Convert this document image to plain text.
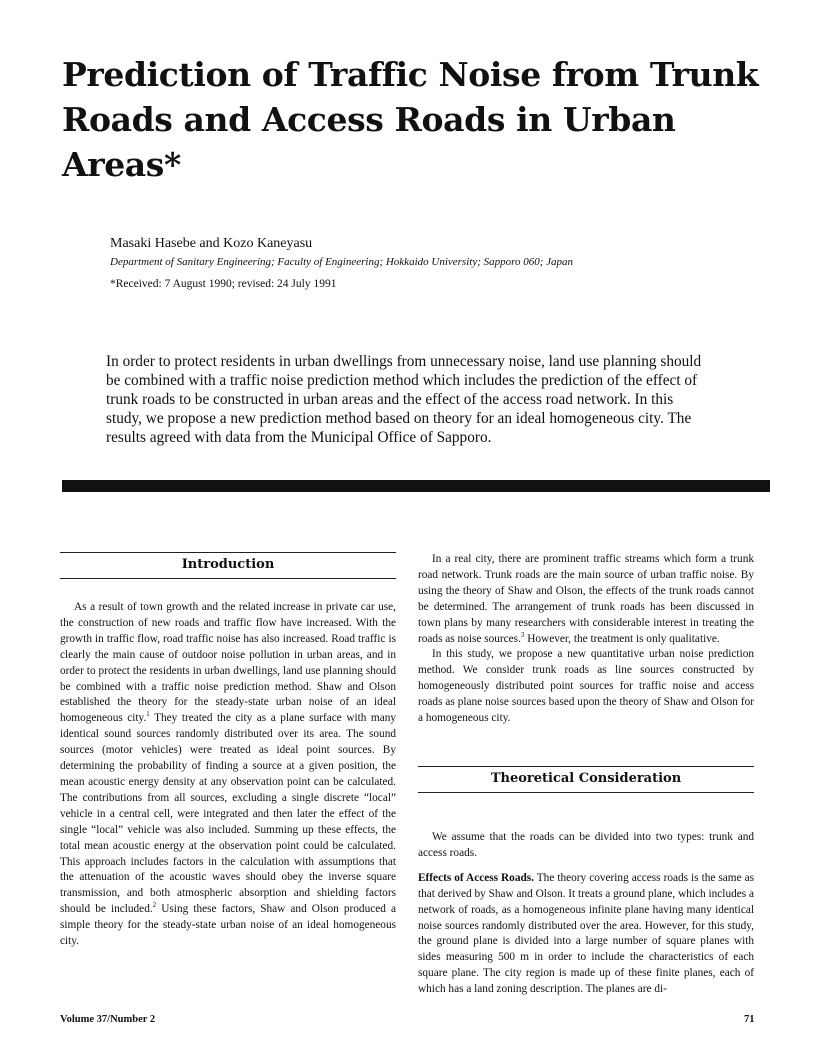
Prediction of Traffic Noise from Trunk Roads and Access Roads in Urban Areas*

Masaki Hasebe and Kozo Kaneyasu

Department of Sanitary Engineering; Faculty of Engineering; Hokkaido University; Sapporo 060; Japan

*Received: 7 August 1990; revised: 24 July 1991

In order to protect residents in urban dwellings from unnecessary noise, land use planning should be combined with a traffic noise prediction method which includes the prediction of the effect of trunk roads to be constructed in urban areas and the effect of the access road network. In this study, we propose a new prediction method based on theory for an ideal homogeneous city. The results agreed with data from the Municipal Office of Sapporo.

Introduction

As a result of town growth and the related increase in private car use, the construction of new roads and traffic flow have increased. With the growth in traffic flow, road traffic noise has also increased. Road traffic is clearly the main cause of outdoor noise pollution in urban areas, and in order to protect the residents in urban dwellings, land use planning should be combined with a traffic noise prediction method. Shaw and Olson established the theory for the steady-state urban noise of an ideal homogeneous city.$^1$ They treated the city as a plane surface with many identical sound sources randomly distributed over its area. The sound sources (motor vehicles) were treated as ideal point sources. By determining the probability of finding a source at a given position, the mean acoustic energy density at any observation point can be calculated. The contributions from all sources, excluding a single discrete “local” vehicle in a central cell, were integrated and then later the effect of the single “local” vehicle was also included. Summing up these effects, the total mean acoustic energy at the observation point could be calculated. This approach includes factors in the calculation with assumptions that the attenuation of the acoustic waves should obey the inverse square transmission, and both atmospheric absorption and shielding factors should be included.$^2$ Using these factors, Shaw and Olson produced a simple theory for the steady-state urban noise of an ideal homogeneous city.

In a real city, there are prominent traffic streams which form a trunk road network. Trunk roads are the main source of urban traffic noise. By using the theory of Shaw and Olson, the effects of the trunk roads cannot be determined. The arrangement of trunk roads has been discussed in town plans by many researchers with considerable interest in treating the roads as noise sources.$^3$ However, the treatment is only qualitative.

In this study, we propose a new quantitative urban noise prediction method. We consider trunk roads as line sources constructed by homogeneously distributed point sources for traffic noise and access roads as plane noise sources based upon the theory of Shaw and Olson for a homogeneous city.

Theoretical Consideration

We assume that the roads can be divided into two types: trunk and access roads.

Effects of Access Roads. The theory covering access roads is the same as that derived by Shaw and Olson. It treats a ground plane, which includes a network of roads, as a homogeneous infinite plane having many identical noise sources randomly distributed over the area. However, for this study, the ground plane is divided into a large number of square planes with sides measuring 500 m in order to include the characteristics of each square plane. The city region is made up of these finite planes, each of which has a land zoning description. The planes are di-

Volume 37/Number 2	71
